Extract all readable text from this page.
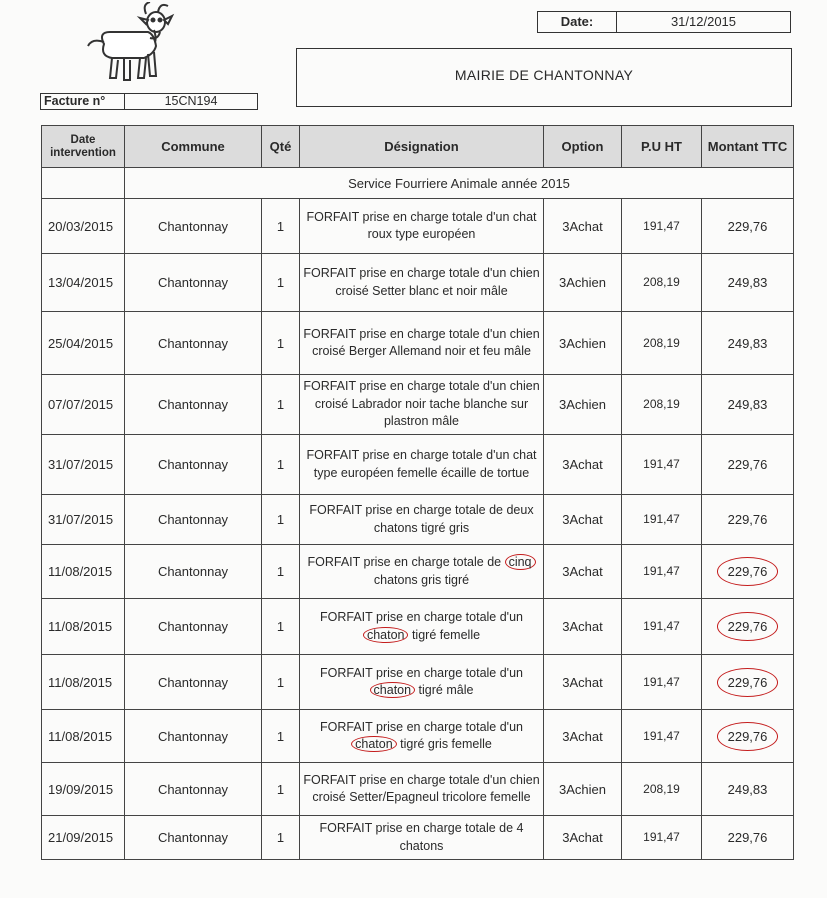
Date:	31/12/2015
MAIRIE DE CHANTONNAY
Facture n°	15CN194
Date intervention	Commune	Qté	Désignation	Option	P.U HT	Montant TTC
	Service Fourriere Animale année 2015					
20/03/2015	Chantonnay	1	FORFAIT prise en charge totale d'un chat roux type européen	3Achat	191,47	229,76
13/04/2015	Chantonnay	1	FORFAIT prise en charge totale d'un chien croisé Setter blanc et noir mâle	3Achien	208,19	249,83
25/04/2015	Chantonnay	1	FORFAIT prise en charge totale d'un chien croisé Berger Allemand noir et feu mâle	3Achien	208,19	249,83
07/07/2015	Chantonnay	1	FORFAIT prise en charge totale d'un chien croisé Labrador noir tache blanche sur plastron mâle	3Achien	208,19	249,83
31/07/2015	Chantonnay	1	FORFAIT prise en charge totale d'un chat type européen femelle écaille de tortue	3Achat	191,47	229,76
31/07/2015	Chantonnay	1	FORFAIT prise en charge totale de deux chatons tigré gris	3Achat	191,47	229,76
11/08/2015	Chantonnay	1	FORFAIT prise en charge totale de cinq chatons gris tigré	3Achat	191,47	229,76
11/08/2015	Chantonnay	1	FORFAIT prise en charge totale d'un chaton tigré femelle	3Achat	191,47	229,76
11/08/2015	Chantonnay	1	FORFAIT prise en charge totale d'un chaton tigré mâle	3Achat	191,47	229,76
11/08/2015	Chantonnay	1	FORFAIT prise en charge totale d'un chaton tigré gris femelle	3Achat	191,47	229,76
19/09/2015	Chantonnay	1	FORFAIT prise en charge totale d'un chien croisé Setter/Epagneul tricolore femelle	3Achien	208,19	249,83
21/09/2015	Chantonnay	1	FORFAIT prise en charge totale de 4 chatons	3Achat	191,47	229,76
